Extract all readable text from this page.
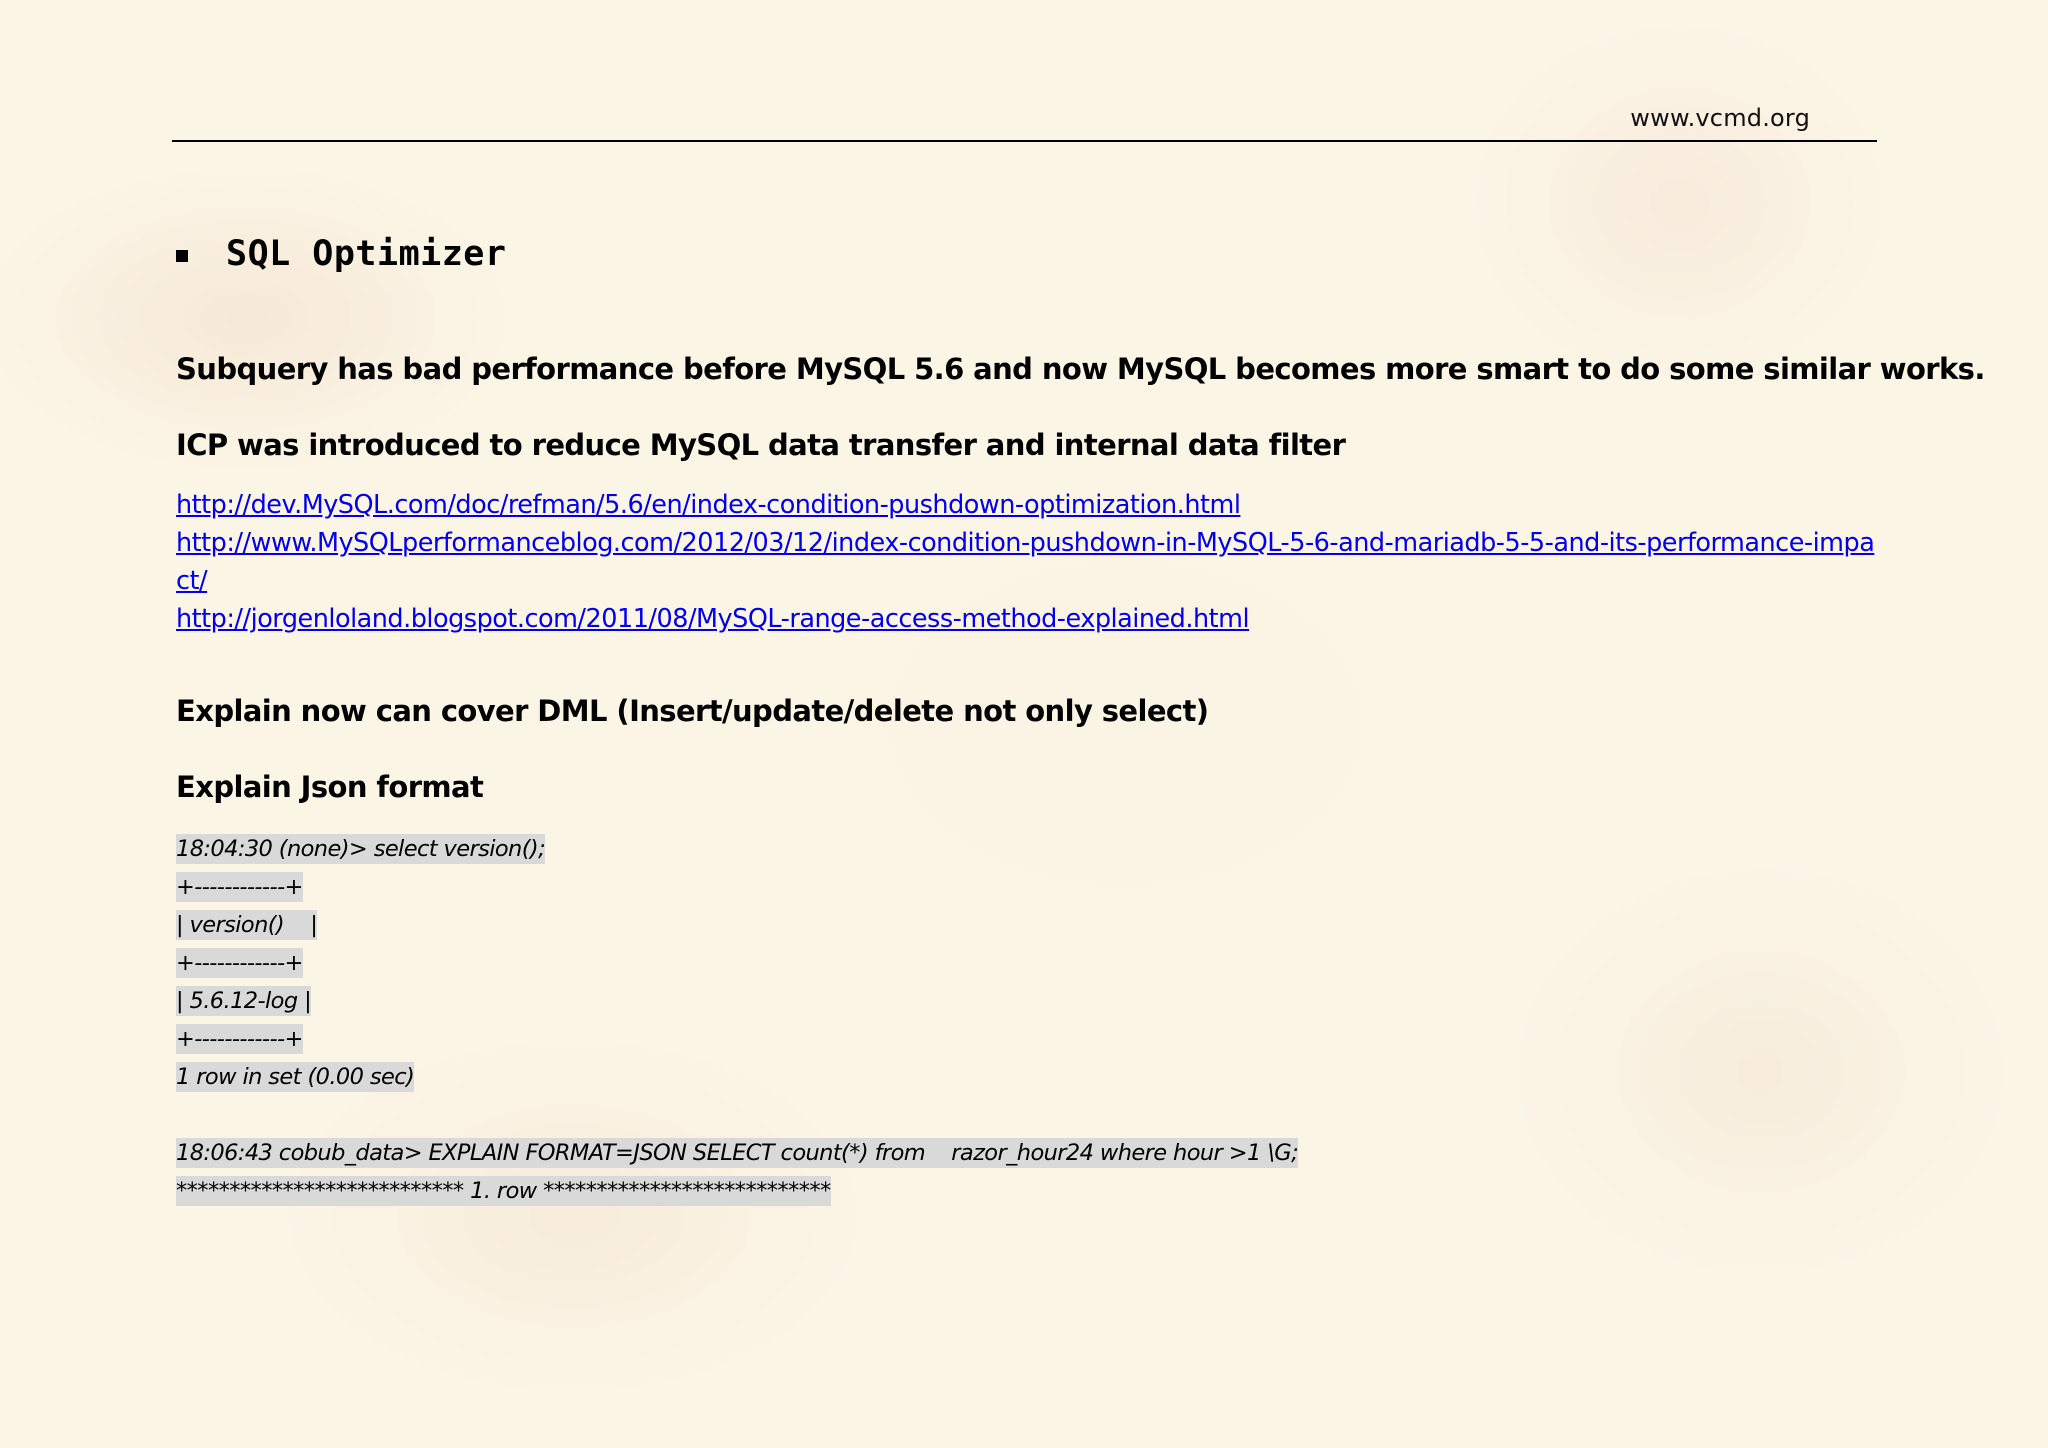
www.vcmd.org
SQL Optimizer
Subquery has bad performance before MySQL 5.6 and now MySQL becomes more smart to do some similar works.
ICP was introduced to reduce MySQL data transfer and internal data filter
http://dev.MySQL.com/doc/refman/5.6/en/index-condition-pushdown-optimization.html
http://www.MySQLperformanceblog.com/2012/03/12/index-condition-pushdown-in-MySQL-5-6-and-mariadb-5-5-and-its-performance-impact/
http://jorgenloland.blogspot.com/2011/08/MySQL-range-access-method-explained.html
Explain now can cover DML (Insert/update/delete not only select)
Explain Json format
18:04:30 (none)> select version();
+------------+
| version()    |
+------------+
| 5.6.12-log |
+------------+
1 row in set (0.00 sec)
18:06:43 cobub_data> EXPLAIN FORMAT=JSON SELECT count(*) from    razor_hour24 where hour >1 \G;
*************************** 1. row ***************************
